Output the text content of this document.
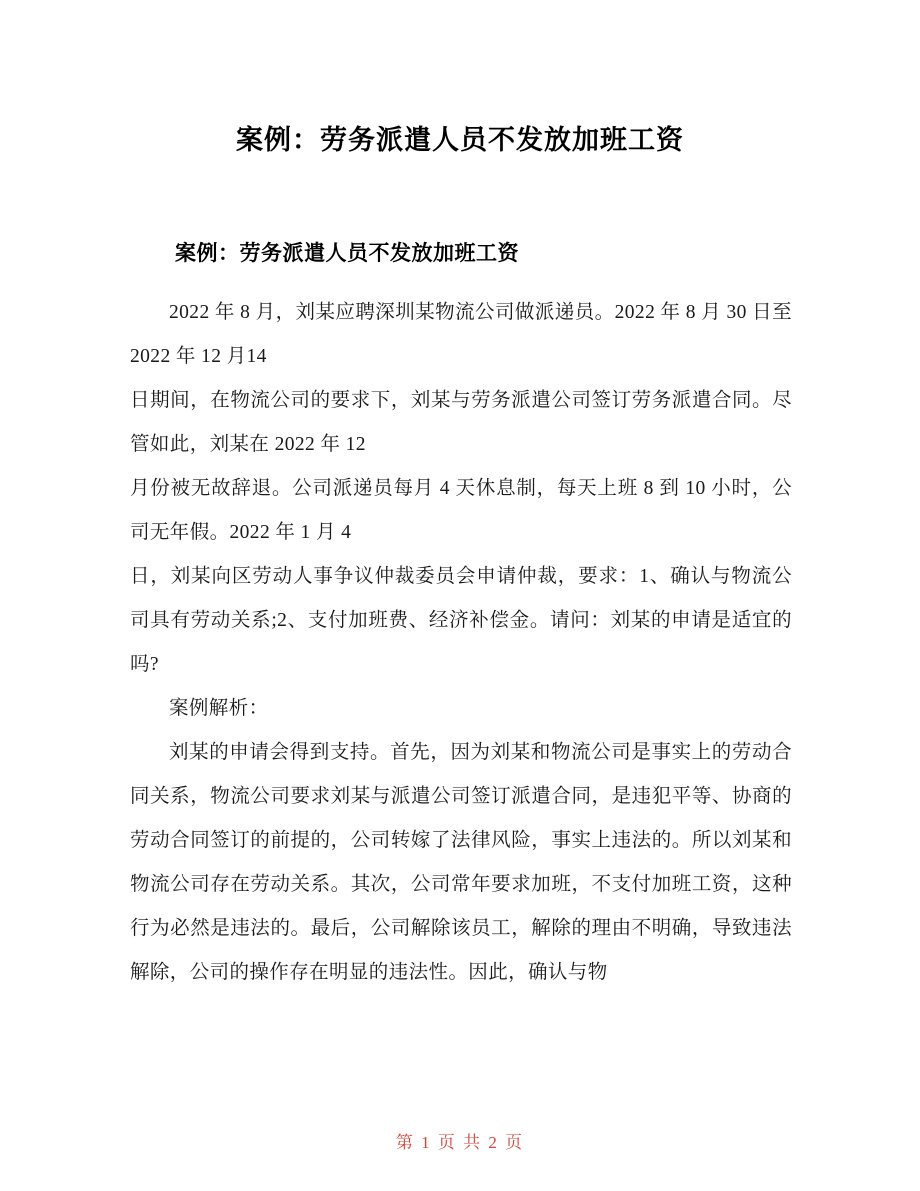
案例：劳务派遣人员不发放加班工资
案例：劳务派遣人员不发放加班工资

2022 年 8 月，刘某应聘深圳某物流公司做派递员。2022 年 8 月 30 日至 2022 年 12 月14

日期间，在物流公司的要求下，刘某与劳务派遣公司签订劳务派遣合同。尽管如此，刘某在 2022 年 12

月份被无故辞退。公司派递员每月 4 天休息制，每天上班 8 到 10 小时，公司无年假。2022 年 1 月 4

日，刘某向区劳动人事争议仲裁委员会申请仲裁，要求：1、确认与物流公司具有劳动关系;2、支付加班费、经济补偿金。请问：刘某的申请是适宜的吗?

案例解析：

刘某的申请会得到支持。首先，因为刘某和物流公司是事实上的劳动合同关系，物流公司要求刘某与派遣公司签订派遣合同，是违犯平等、协商的劳动合同签订的前提的，公司转嫁了法律风险，事实上违法的。所以刘某和物流公司存在劳动关系。其次，公司常年要求加班，不支付加班工资，这种行为必然是违法的。最后，公司解除该员工，解除的理由不明确，导致违法解除，公司的操作存在明显的违法性。因此，确认与物

第 1 页 共 2 页
